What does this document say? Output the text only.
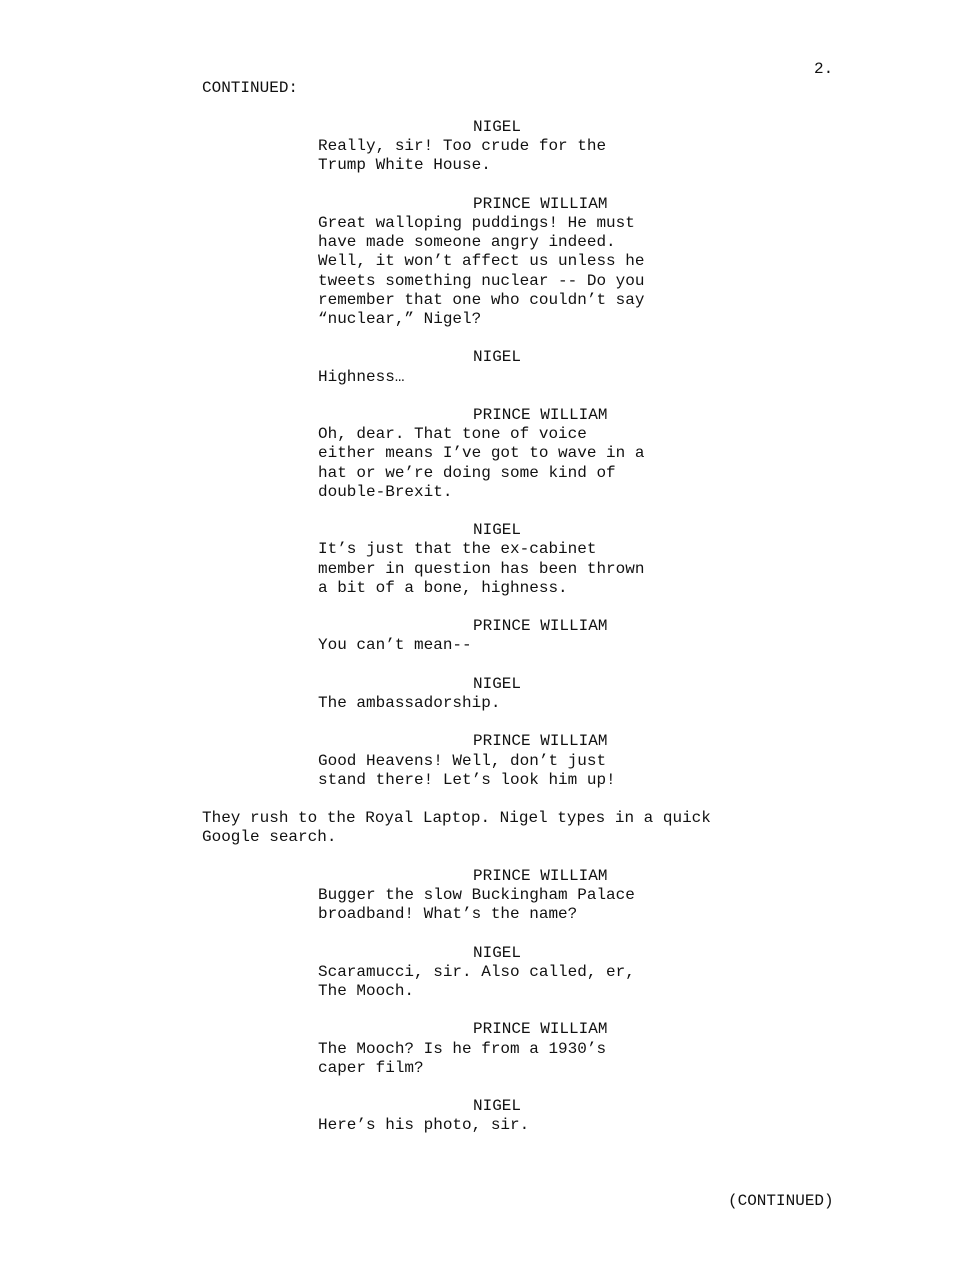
2.
CONTINUED:
NIGEL
Really, sir! Too crude for the
Trump White House.
PRINCE WILLIAM
Great walloping puddings! He must
have made someone angry indeed.
Well, it won’t affect us unless he
tweets something nuclear -- Do you
remember that one who couldn’t say
“nuclear,” Nigel?
NIGEL
Highness…
PRINCE WILLIAM
Oh, dear. That tone of voice
either means I’ve got to wave in a
hat or we’re doing some kind of
double-Brexit.
NIGEL
It’s just that the ex-cabinet
member in question has been thrown
a bit of a bone, highness.
PRINCE WILLIAM
You can’t mean--
NIGEL
The ambassadorship.
PRINCE WILLIAM
Good Heavens! Well, don’t just
stand there! Let’s look him up!
They rush to the Royal Laptop. Nigel types in a quick
Google search.
PRINCE WILLIAM
Bugger the slow Buckingham Palace
broadband! What’s the name?
NIGEL
Scaramucci, sir. Also called, er,
The Mooch.
PRINCE WILLIAM
The Mooch? Is he from a 1930’s
caper film?
NIGEL
Here’s his photo, sir.
(CONTINUED)
